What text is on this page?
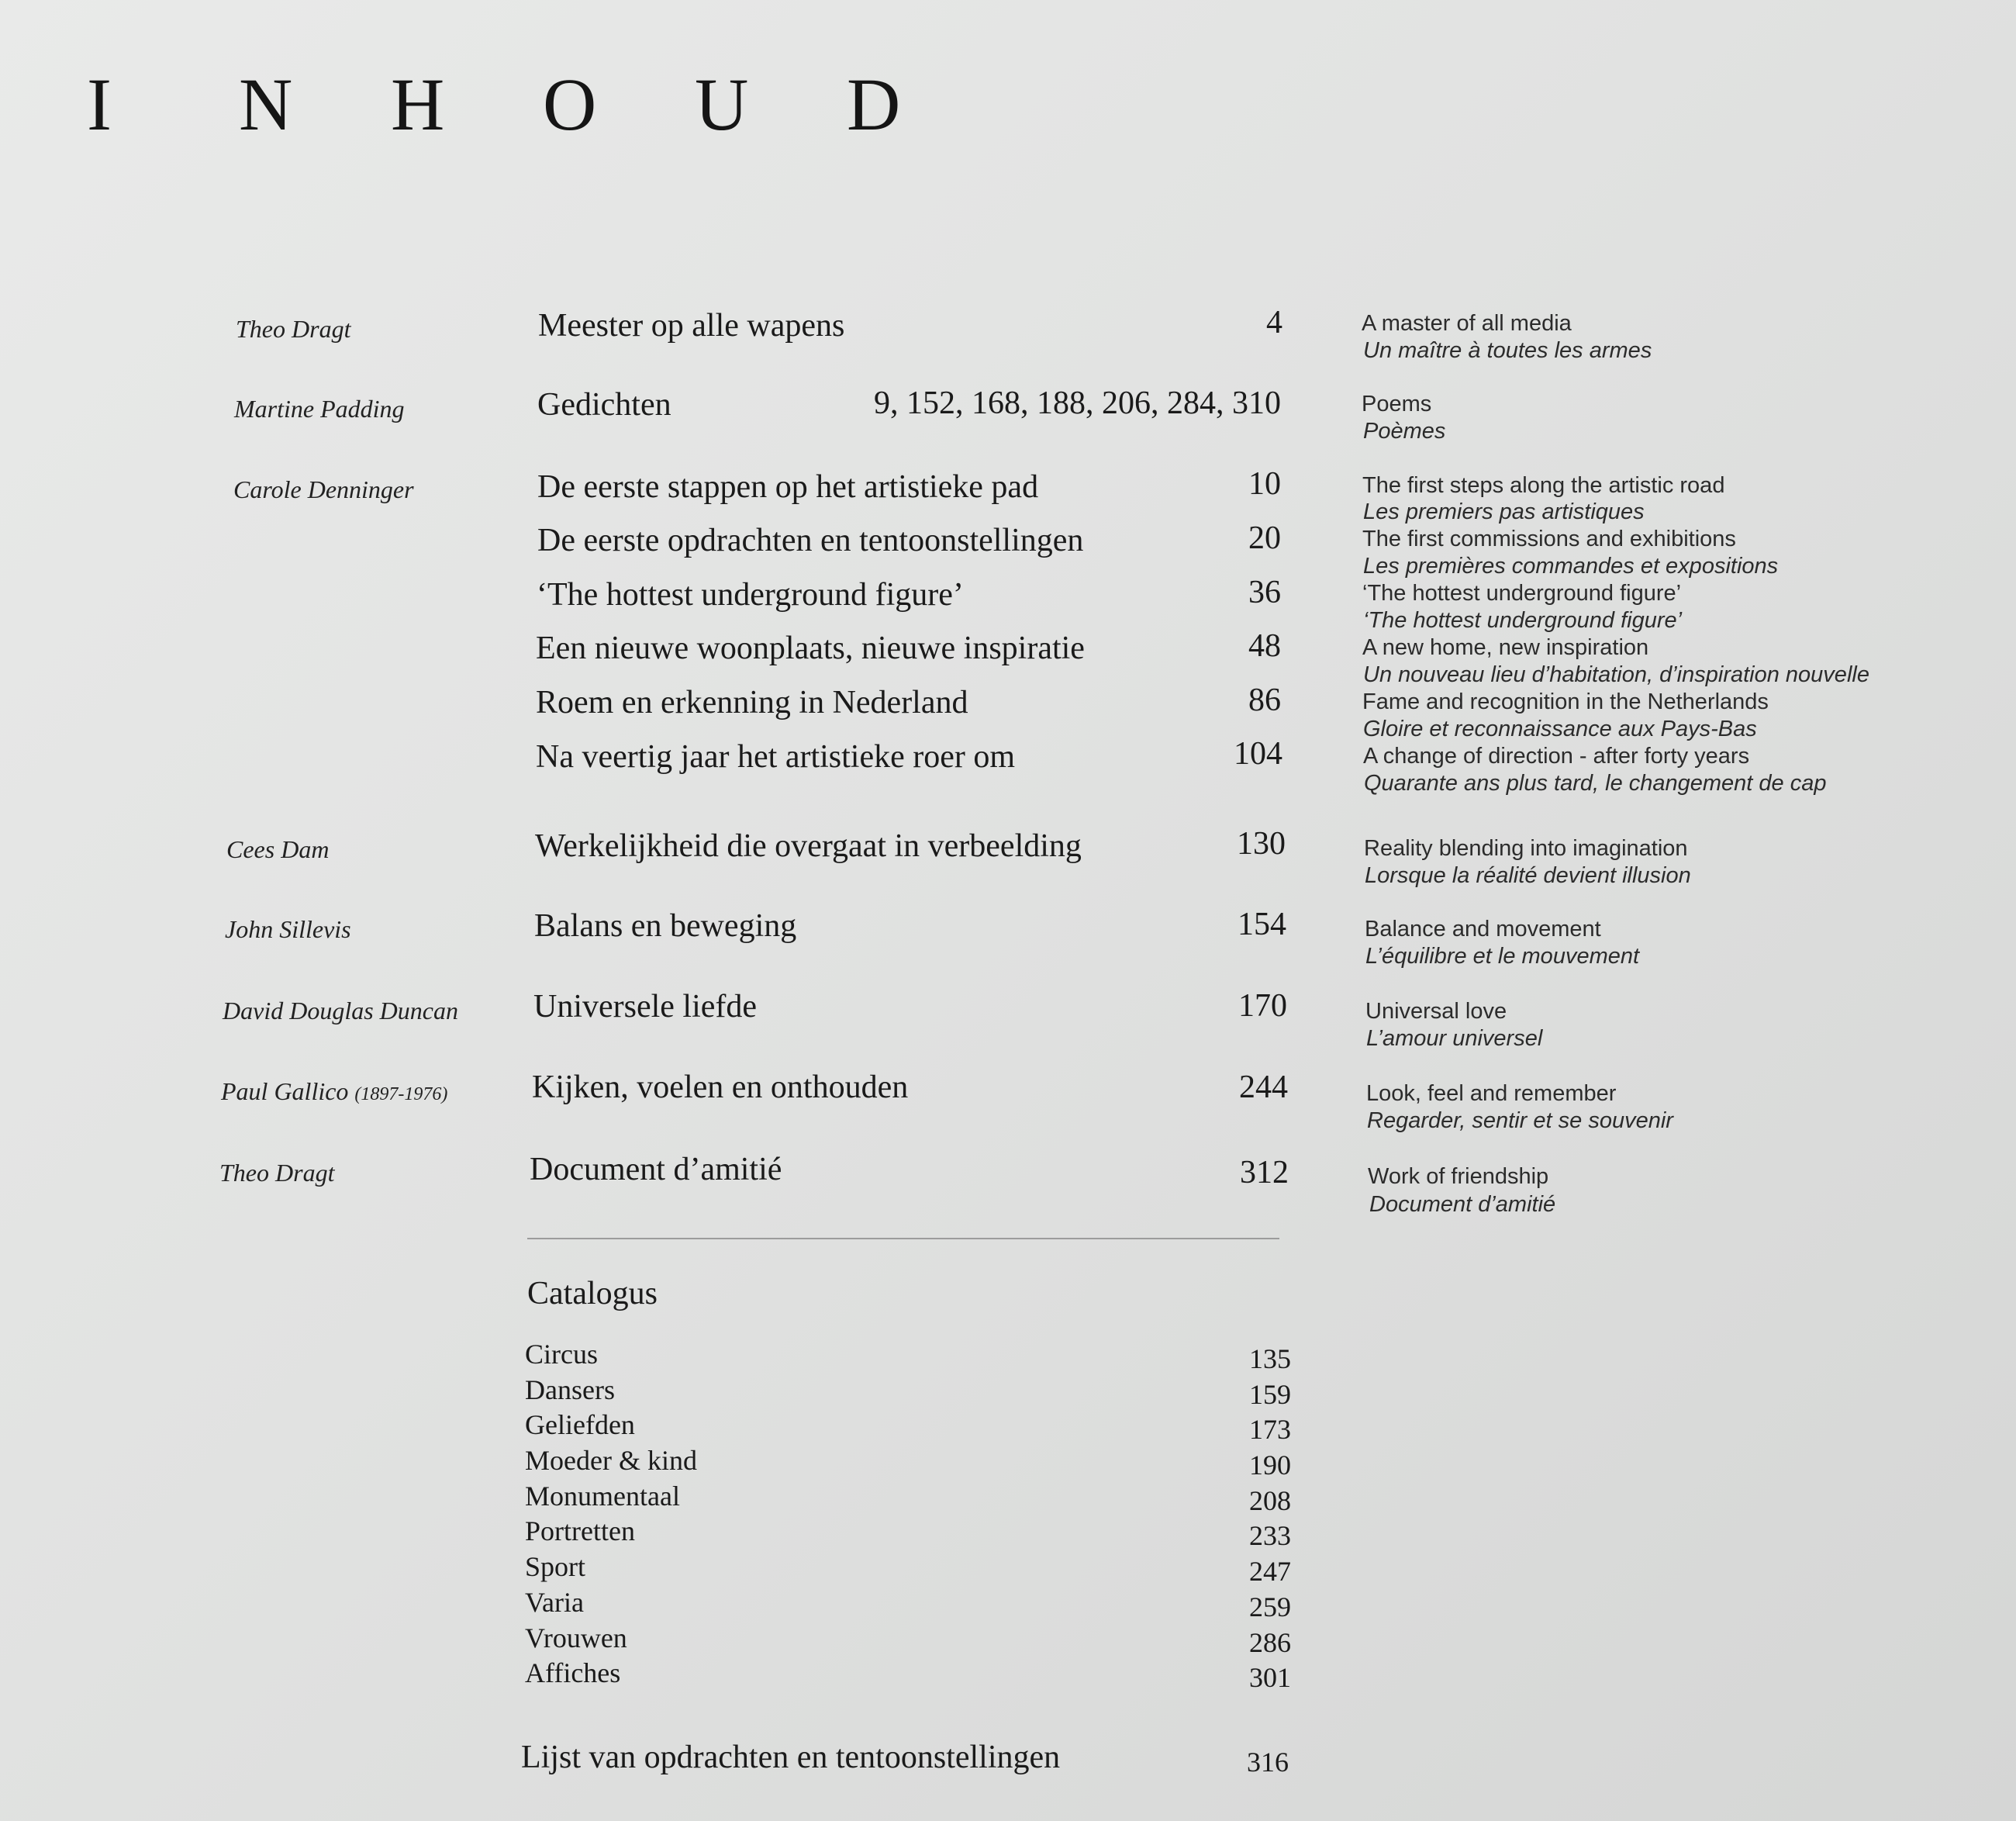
I N H O U D
Theo Dragt	Meester op alle wapens	4	A master of all media
Un maître à toutes les armes
Martine Padding	Gedichten	9, 152, 168, 188, 206, 284, 310	Poems
Poèmes
Carole Denninger	De eerste stappen op het artistieke pad	10	The first steps along the artistic road
Les premiers pas artistiques
De eerste opdrachten en tentoonstellingen	20	The first commissions and exhibitions
Les premières commandes et expositions
‘The hottest underground figure’	36	‘The hottest underground figure’
‘The hottest underground figure’
Een nieuwe woonplaats, nieuwe inspiratie	48	A new home, new inspiration
Un nouveau lieu d’habitation, d’inspiration nouvelle
Roem en erkenning in Nederland	86	Fame and recognition in the Netherlands
Gloire et reconnaissance aux Pays-Bas
Na veertig jaar het artistieke roer om	104	A change of direction - after forty years
Quarante ans plus tard, le changement de cap
Cees Dam	Werkelijkheid die overgaat in verbeelding	130	Reality blending into imagination
Lorsque la réalité devient illusion
John Sillevis	Balans en beweging	154	Balance and movement
L’équilibre et le mouvement
David Douglas Duncan Universele liefde	170	Universal love
L’amour universel
Paul Gallico (1897-1976)	Kijken, voelen en onthouden	244	Look, feel and remember
Regarder, sentir et se souvenir
Theo Dragt	Document d’amitié	312	Work of friendship
Document d’amitié
Catalogus
Circus	135
Dansers	159
Geliefden	173
Moeder & kind	190
Monumentaal	208
Portretten	233
Sport	247
Varia	259
Vrouwen	286
Affiches	301
Lijst van opdrachten en tentoonstellingen	316
